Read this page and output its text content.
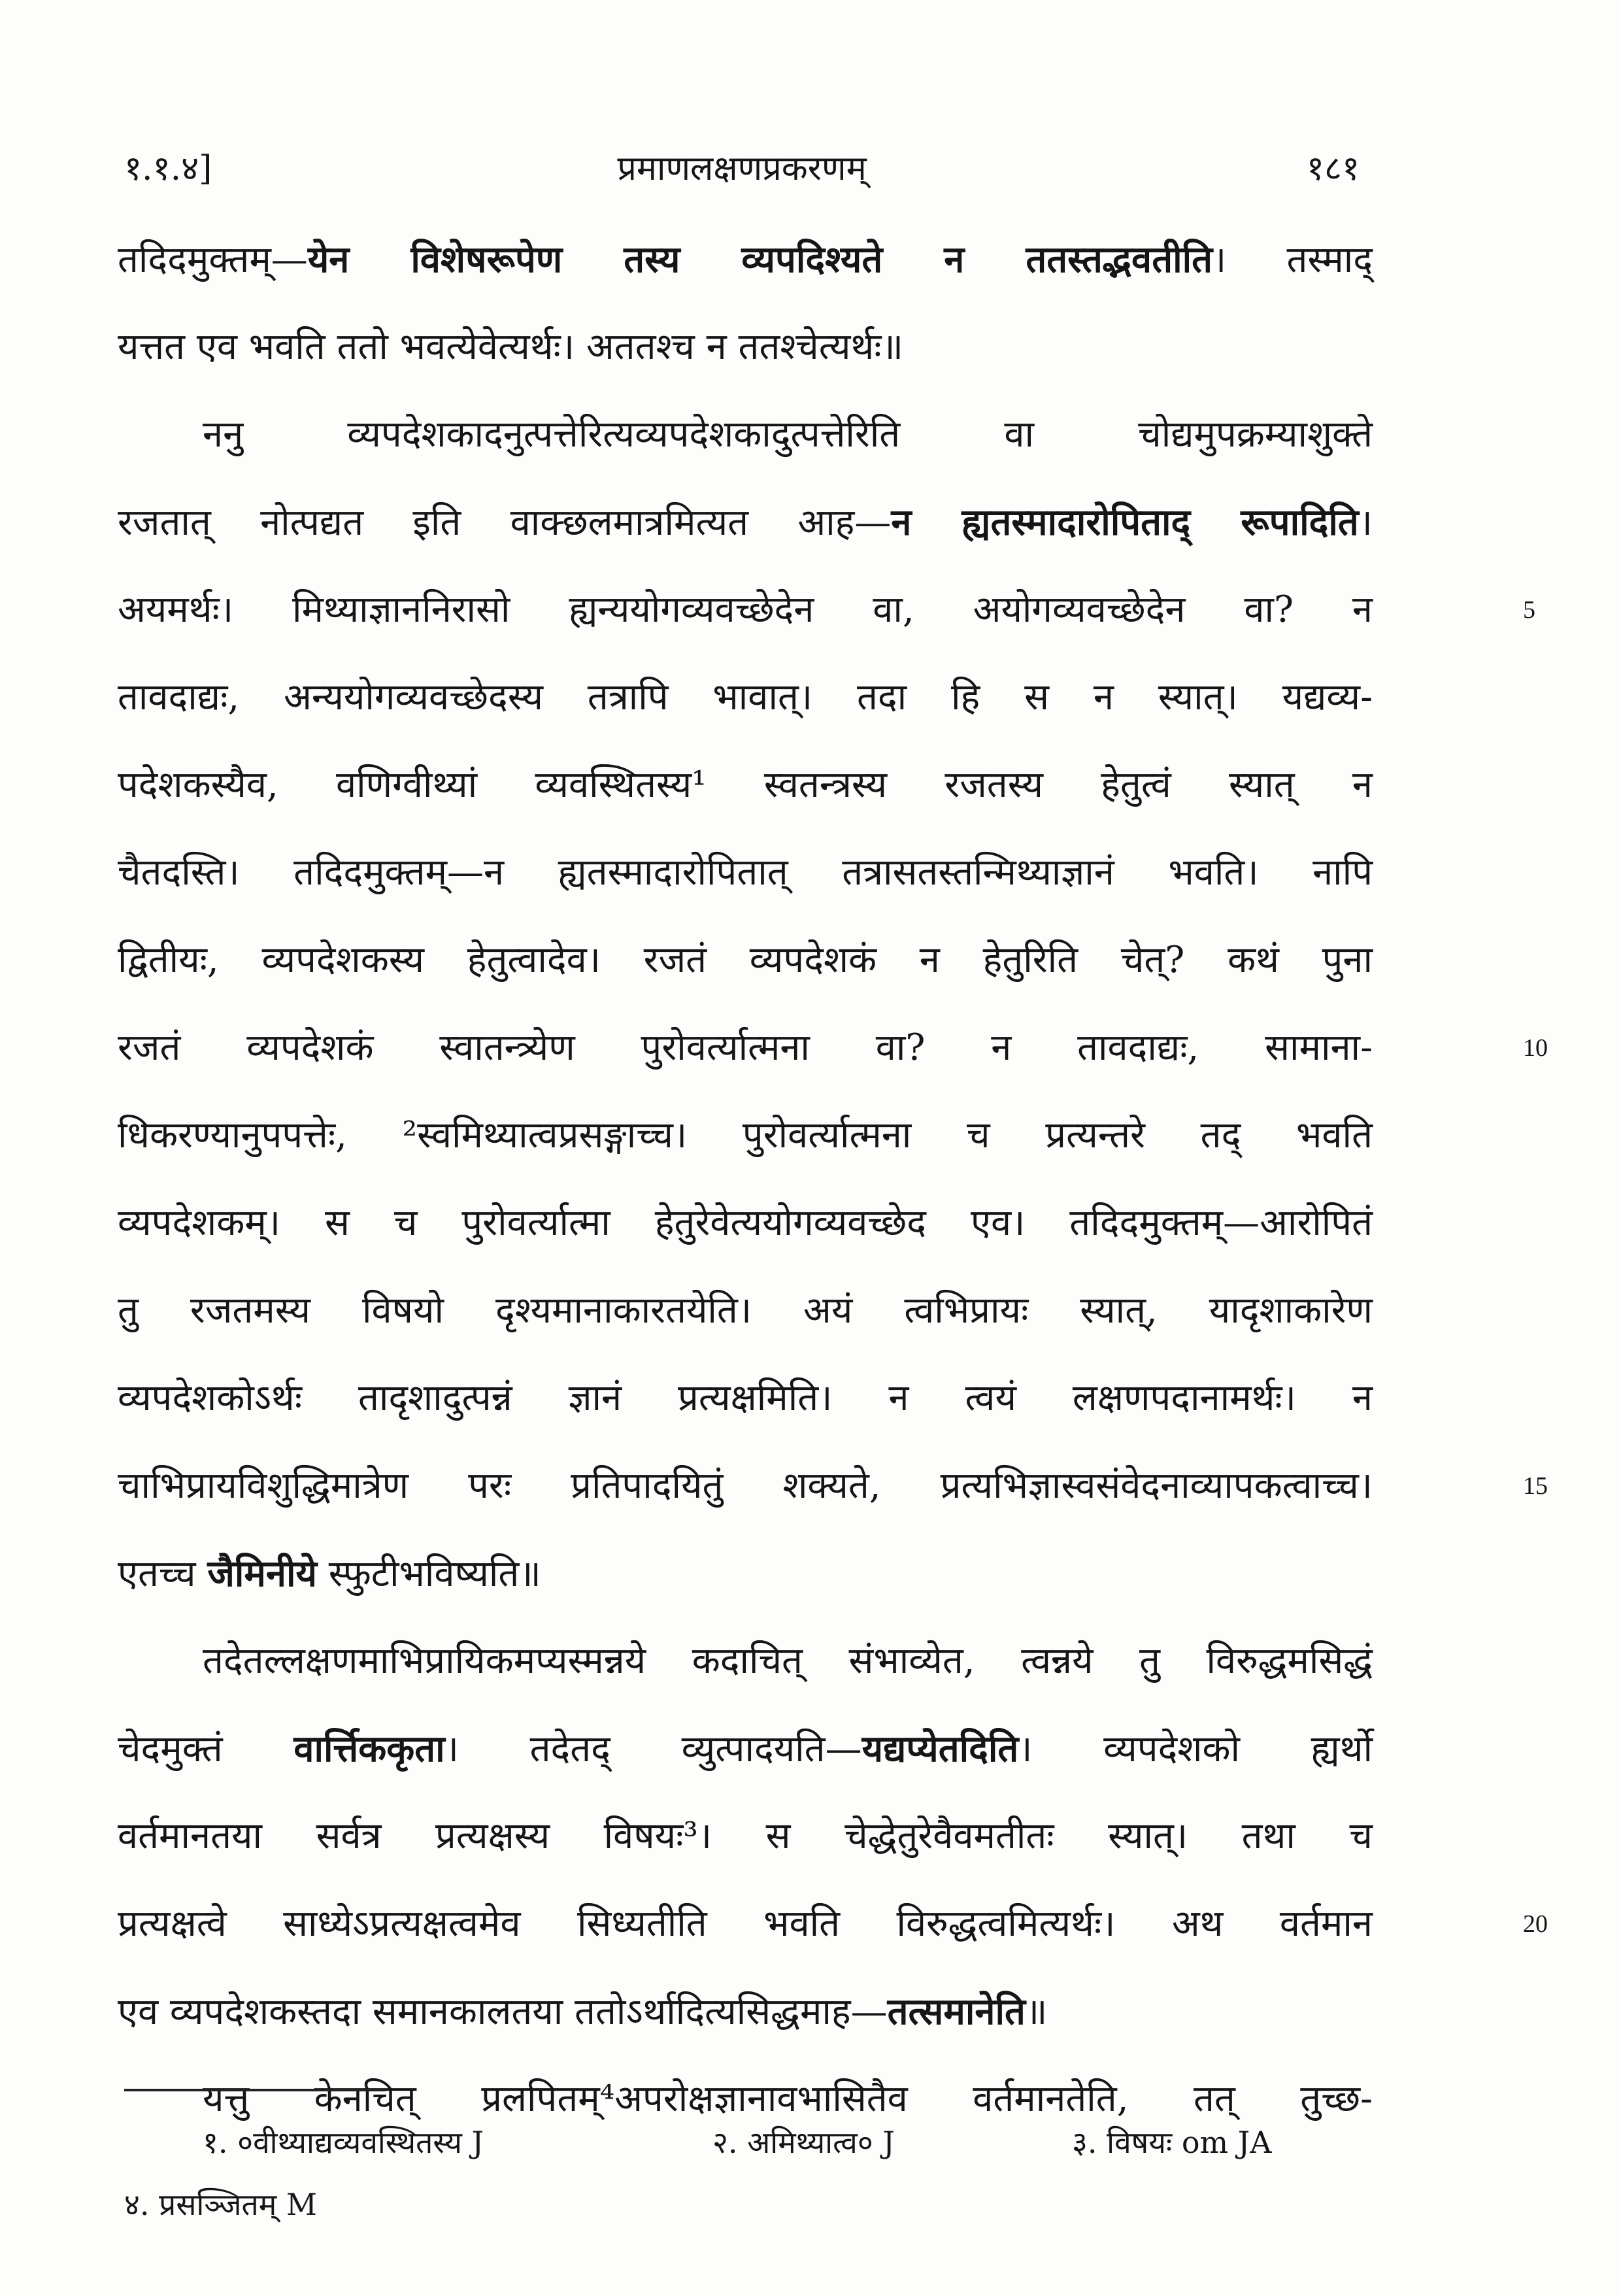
१.१.४]	प्रमाणलक्षणप्रकरणम्	१८१
तदिदमुक्तम्—येन विशेषरूपेण तस्य व्यपदिश्यते न ततस्तद्भवतीति। तस्माद्
यत्तत एव भवति ततो भवत्येवेत्यर्थः। अततश्च न ततश्चेत्यर्थः॥
ननु व्यपदेशकादनुत्पत्तेरित्यव्यपदेशकादुत्पत्तेरिति वा चोद्यमुपक्रम्याशुक्ते
रजतात् नोत्पद्यत इति वाक्छलमात्रमित्यत आह—न ह्यतस्मादारोपिताद् रूपादिति।
अयमर्थः। मिथ्याज्ञाननिरासो ह्यन्ययोगव्यवच्छेदेन वा, अयोगव्यवच्छेदेन वा? न	5
तावदाद्यः, अन्ययोगव्यवच्छेदस्य तत्रापि भावात्। तदा हि स न स्यात्। यद्यव्य-
पदेशकस्यैव, वणिग्वीथ्यां व्यवस्थितस्य¹ स्वतन्त्रस्य रजतस्य हेतुत्वं स्यात् न
चैतदस्ति। तदिदमुक्तम्—न ह्यतस्मादारोपितात् तत्रासतस्तन्मिथ्याज्ञानं भवति। नापि
द्वितीयः, व्यपदेशकस्य हेतुत्वादेव। रजतं व्यपदेशकं न हेतुरिति चेत्? कथं पुना
रजतं व्यपदेशकं स्वातन्त्र्येण पुरोवर्त्यात्मना वा? न तावदाद्यः, सामाना-	10
धिकरण्यानुपपत्तेः, ²स्वमिथ्यात्वप्रसङ्गाच्च। पुरोवर्त्यात्मना च प्रत्यन्तरे तद् भवति
व्यपदेशकम्। स च पुरोवर्त्यात्मा हेतुरेवेत्ययोगव्यवच्छेद एव। तदिदमुक्तम्—आरोपितं
तु रजतमस्य विषयो दृश्यमानाकारतयेति। अयं त्वभिप्रायः स्यात्, यादृशाकारेण
व्यपदेशकोऽर्थः तादृशादुत्पन्नं ज्ञानं प्रत्यक्षमिति। न त्वयं लक्षणपदानामर्थः। न
चाभिप्रायविशुद्धिमात्रेण परः प्रतिपादयितुं शक्यते, प्रत्यभिज्ञास्वसंवेदनाव्यापकत्वाच्च।	15
एतच्च जैमिनीये स्फुटीभविष्यति॥
तदेतल्लक्षणमाभिप्रायिकमप्यस्मन्नये कदाचित् संभाव्येत, त्वन्नये तु विरुद्धमसिद्धं
चेदमुक्तं वार्त्तिककृता। तदेतद् व्युत्पादयति—यद्यप्येतदिति। व्यपदेशको ह्यर्थो
वर्तमानतया सर्वत्र प्रत्यक्षस्य विषयः³। स चेद्धेतुरेवैवमतीतः स्यात्। तथा च
प्रत्यक्षत्वे साध्येऽप्रत्यक्षत्वमेव सिध्यतीति भवति विरुद्धत्वमित्यर्थः। अथ वर्तमान	20
एव व्यपदेशकस्तदा समानकालतया ततोऽर्थादित्यसिद्धमाह—तत्समानेति॥
यत्तु केनचित् प्रलपितम्⁴अपरोक्षज्ञानावभासितैव वर्तमानतेति, तत् तुच्छ-
१. ०वीथ्याद्यव्यवस्थितस्य J	२. अमिथ्यात्व० J	३. विषयः om JA
४. प्रसञ्जितम् M
